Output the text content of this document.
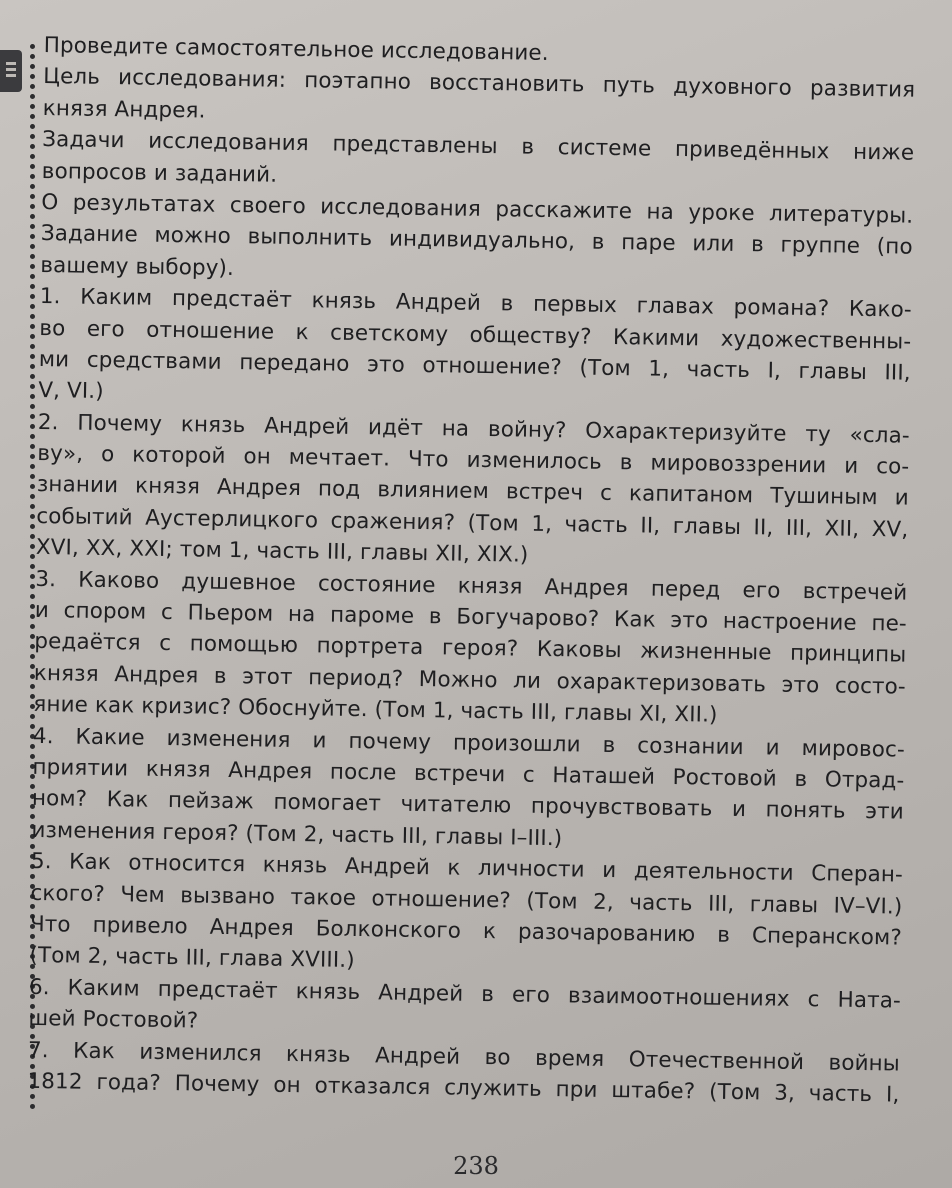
Проведите самостоятельное исследование.
Цель исследования: поэтапно восстановить путь духовного развития
князя Андрея.
Задачи исследования представлены в системе приведённых ниже
вопросов и заданий.
О результатах своего исследования расскажите на уроке литературы.
Задание можно выполнить индивидуально, в паре или в группе (по
вашему выбору).
1. Каким предстаёт князь Андрей в первых главах романа? Како-
во его отношение к светскому обществу? Какими художественны-
ми средствами передано это отношение? (Том 1, часть I, главы III,
V, VI.)
2. Почему князь Андрей идёт на войну? Охарактеризуйте ту «сла-
ву», о которой он мечтает. Что изменилось в мировоззрении и со-
знании князя Андрея под влиянием встреч с капитаном Тушиным и
событий Аустерлицкого сражения? (Том 1, часть II, главы II, III, XII, XV,
XVI, XX, XXI; том 1, часть III, главы XII, XIX.)
3. Каково душевное состояние князя Андрея перед его встречей
и спором с Пьером на пароме в Богучарово? Как это настроение пе-
редаётся с помощью портрета героя? Каковы жизненные принципы
князя Андрея в этот период? Можно ли охарактеризовать это состо-
яние как кризис? Обоснуйте. (Том 1, часть III, главы XI, XII.)
4. Какие изменения и почему произошли в сознании и мировос-
приятии князя Андрея после встречи с Наташей Ростовой в Отрад-
ном? Как пейзаж помогает читателю прочувствовать и понять эти
изменения героя? (Том 2, часть III, главы I–III.)
5. Как относится князь Андрей к личности и деятельности Сперан-
ского? Чем вызвано такое отношение? (Том 2, часть III, главы IV–VI.)
Что привело Андрея Болконского к разочарованию в Сперанском?
(Том 2, часть III, глава XVIII.)
6. Каким предстаёт князь Андрей в его взаимоотношениях с Ната-
шей Ростовой?
7. Как изменился князь Андрей во время Отечественной войны
1812 года? Почему он отказался служить при штабе? (Том 3, часть I,
238
